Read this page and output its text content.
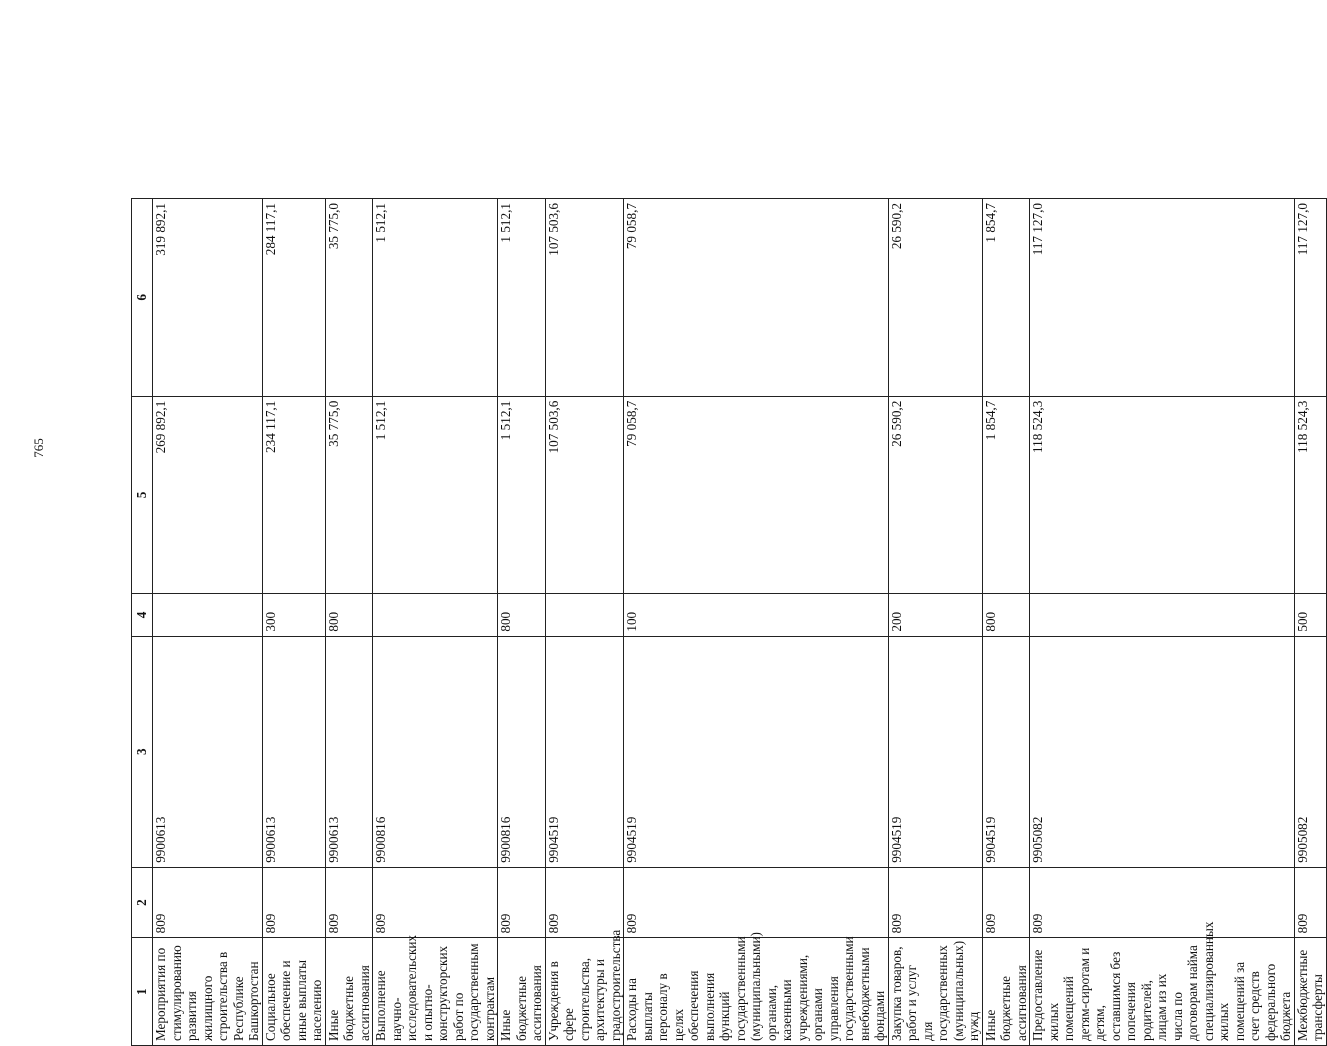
765
1	2	3	4	5	6
Мероприятия по стимулированию развития жилищного строительства в Республике Башкортостан	809	9900613		269 892,1	319 892,1
Социальное обеспечение и иные выплаты населению	809	9900613	300	234 117,1	284 117,1
Иные бюджетные ассигнования	809	9900613	800	35 775,0	35 775,0
Выполнение научно-исследовательских и опытно-конструкторских работ по государственным контрактам	809	9900816		1 512,1	1 512,1
Иные бюджетные ассигнования	809	9900816	800	1 512,1	1 512,1
Учреждения в сфере строительства, архитектуры и градостроительства	809	9904519		107 503,6	107 503,6
Расходы на выплаты персоналу в целях обеспечения выполнения функций государственными (муниципальными) органами, казенными учреждениями, органами управления государственными внебюджетными фондами	809	9904519	100	79 058,7	79 058,7
Закупка товаров, работ и услуг для государственных (муниципальных) нужд	809	9904519	200	26 590,2	26 590,2
Иные бюджетные ассигнования	809	9904519	800	1 854,7	1 854,7
Предоставление жилых помещений детям-сиротам и детям, оставшимся без попечения родителей, лицам из их числа по договорам найма специализированных жилых помещений за счет средств федерального бюджета	809	9905082		118 524,3	117 127,0
Межбюджетные трансферты	809	9905082	500	118 524,3	117 127,0
